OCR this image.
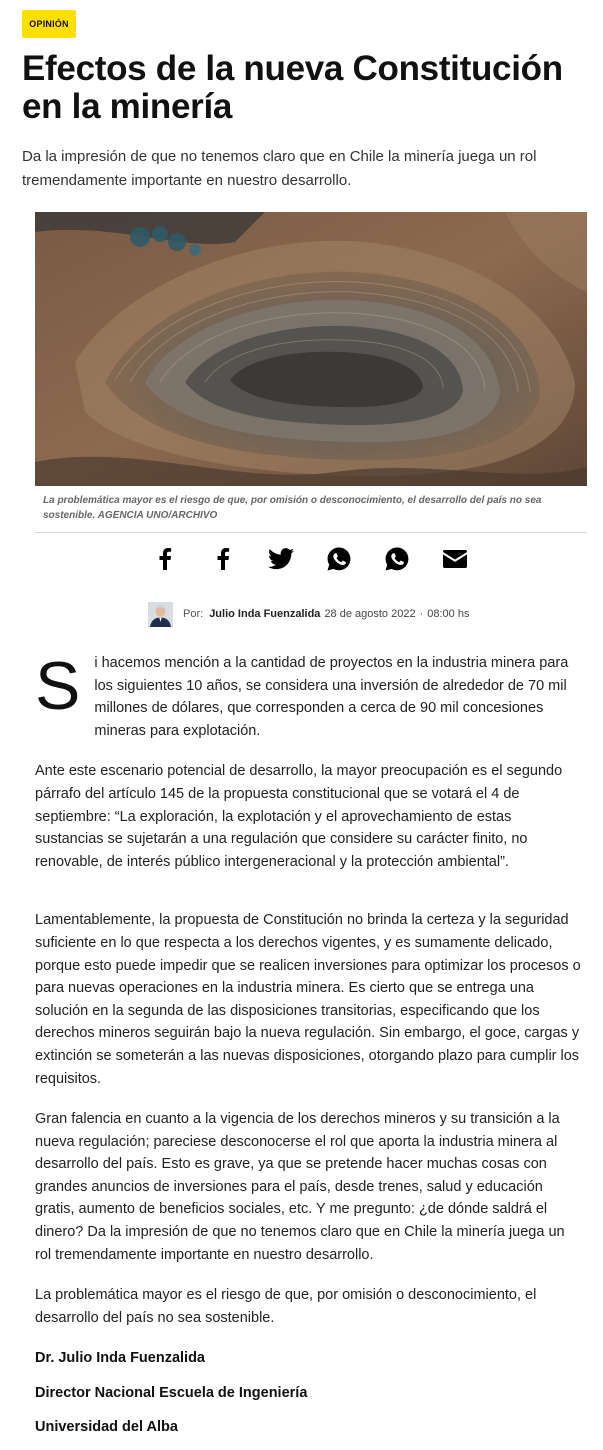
OPINIÓN
Efectos de la nueva Constitución en la minería

Da la impresión de que no tenemos claro que en Chile la minería juega un rol tremendamente importante en nuestro desarrollo.

La problemática mayor es el riesgo de que, por omisión o desconocimiento, el desarrollo del país no sea sostenible. AGENCIA UNO/ARCHIVO

Por: Julio Inda Fuenzalida 28 de agosto 2022 · 08:00 hs

Si hacemos mención a la cantidad de proyectos en la industria minera para los siguientes 10 años, se considera una inversión de alrededor de 70 mil millones de dólares, que corresponden a cerca de 90 mil concesiones mineras para explotación.

Ante este escenario potencial de desarrollo, la mayor preocupación es el segundo párrafo del artículo 145 de la propuesta constitucional que se votará el 4 de septiembre: “La exploración, la explotación y el aprovechamiento de estas sustancias se sujetarán a una regulación que considere su carácter finito, no renovable, de interés público intergeneracional y la protección ambiental”.

Lamentablemente, la propuesta de Constitución no brinda la certeza y la seguridad suficiente en lo que respecta a los derechos vigentes, y es sumamente delicado, porque esto puede impedir que se realicen inversiones para optimizar los procesos o para nuevas operaciones en la industria minera. Es cierto que se entrega una solución en la segunda de las disposiciones transitorias, especificando que los derechos mineros seguirán bajo la nueva regulación. Sin embargo, el goce, cargas y extinción se someterán a las nuevas disposiciones, otorgando plazo para cumplir los requisitos.

Gran falencia en cuanto a la vigencia de los derechos mineros y su transición a la nueva regulación; pareciese desconocerse el rol que aporta la industria minera al desarrollo del país. Esto es grave, ya que se pretende hacer muchas cosas con grandes anuncios de inversiones para el país, desde trenes, salud y educación gratis, aumento de beneficios sociales, etc. Y me pregunto: ¿de dónde saldrá el dinero? Da la impresión de que no tenemos claro que en Chile la minería juega un rol tremendamente importante en nuestro desarrollo.

La problemática mayor es el riesgo de que, por omisión o desconocimiento, el desarrollo del país no sea sostenible.

Dr. Julio Inda Fuenzalida

Director Nacional Escuela de Ingeniería

Universidad del Alba
